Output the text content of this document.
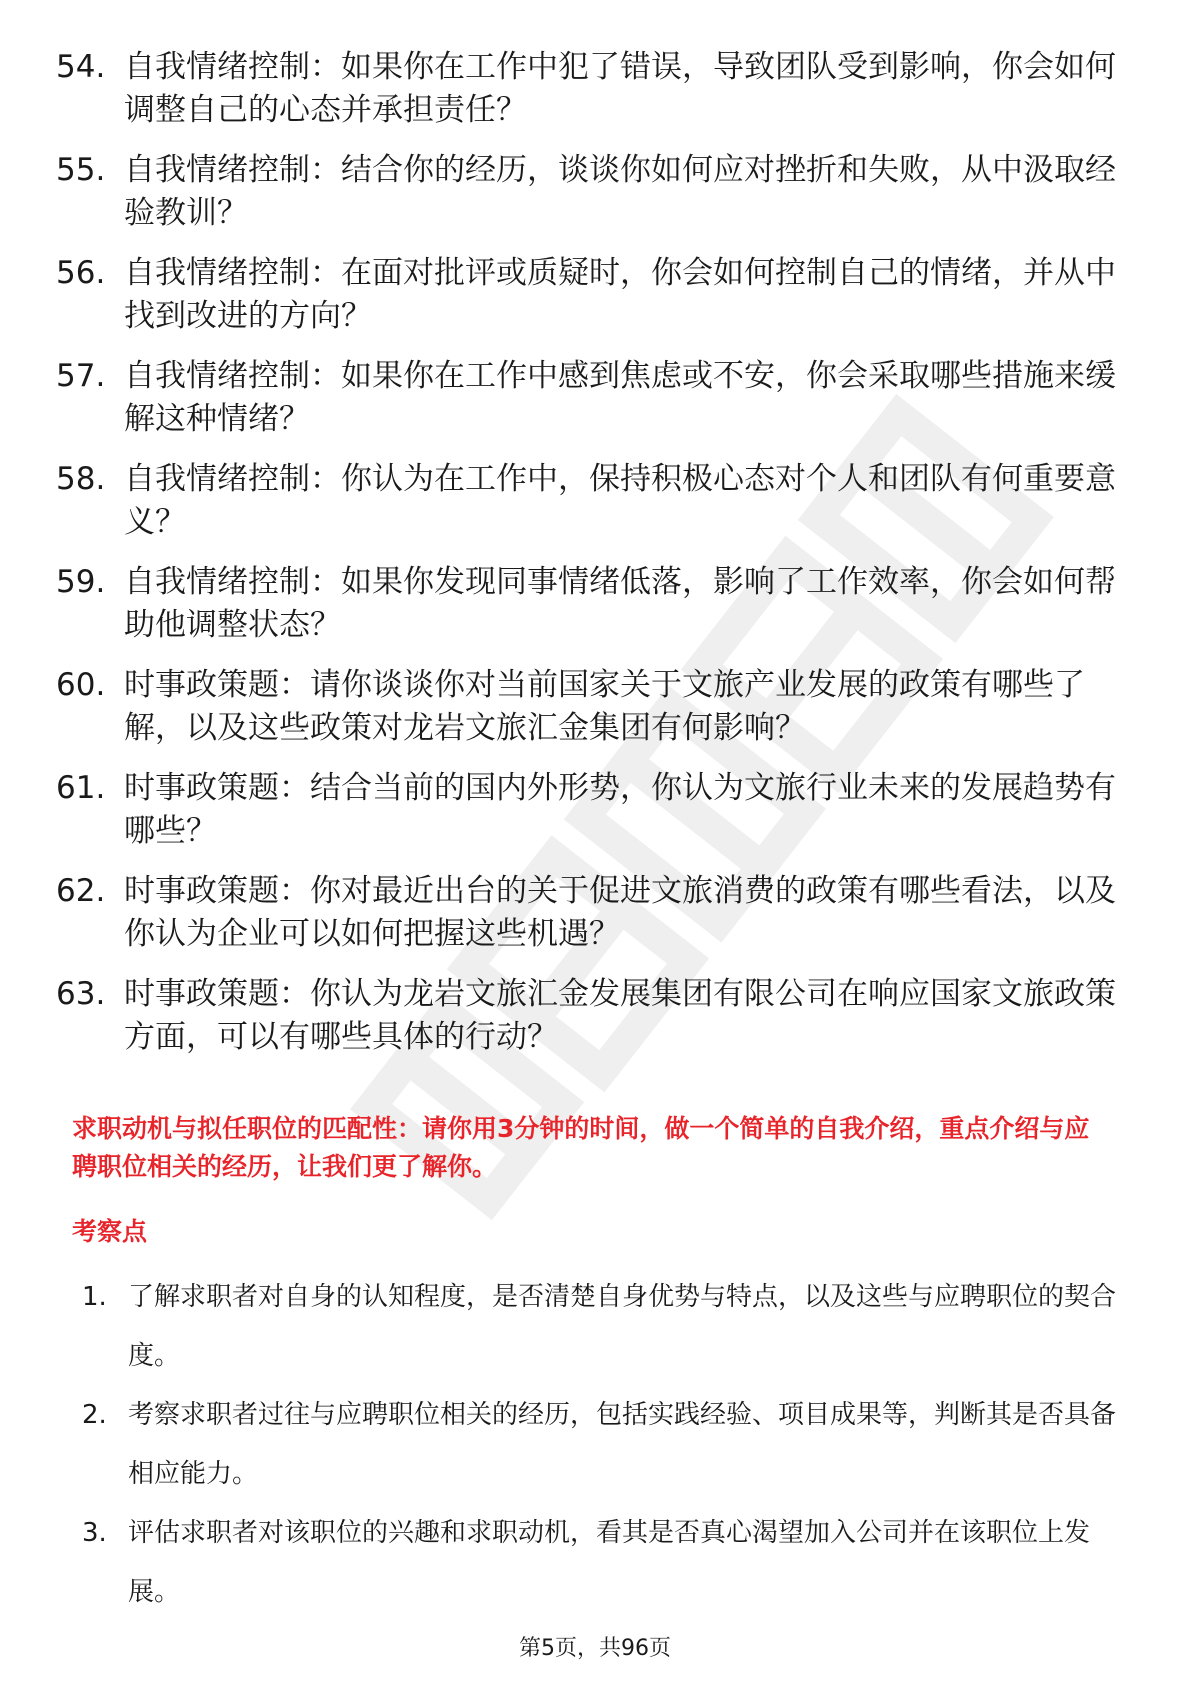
54. 自我情绪控制：如果你在工作中犯了错误，导致团队受到影响，你会如何调整自己的心态并承担责任？
55. 自我情绪控制：结合你的经历，谈谈你如何应对挫折和失败，从中汲取经验教训？
56. 自我情绪控制：在面对批评或质疑时，你会如何控制自己的情绪，并从中找到改进的方向？
57. 自我情绪控制：如果你在工作中感到焦虑或不安，你会采取哪些措施来缓解这种情绪？
58. 自我情绪控制：你认为在工作中，保持积极心态对个人和团队有何重要意义？
59. 自我情绪控制：如果你发现同事情绪低落，影响了工作效率，你会如何帮助他调整状态？
60. 时事政策题：请你谈谈你对当前国家关于文旅产业发展的政策有哪些了解，以及这些政策对龙岩文旅汇金集团有何影响？
61. 时事政策题：结合当前的国内外形势，你认为文旅行业未来的发展趋势有哪些？
62. 时事政策题：你对最近出台的关于促进文旅消费的政策有哪些看法，以及你认为企业可以如何把握这些机遇？
63. 时事政策题：你认为龙岩文旅汇金发展集团有限公司在响应国家文旅政策方面，可以有哪些具体的行动？

求职动机与拟任职位的匹配性：请你用3分钟的时间，做一个简单的自我介绍，重点介绍与应聘职位相关的经历，让我们更了解你。

考察点

1. 了解求职者对自身的认知程度，是否清楚自身优势与特点，以及这些与应聘职位的契合度。
2. 考察求职者过往与应聘职位相关的经历，包括实践经验、项目成果等，判断其是否具备相应能力。
3. 评估求职者对该职位的兴趣和求职动机，看其是否真心渴望加入公司并在该职位上发展。
第5页，共96页
